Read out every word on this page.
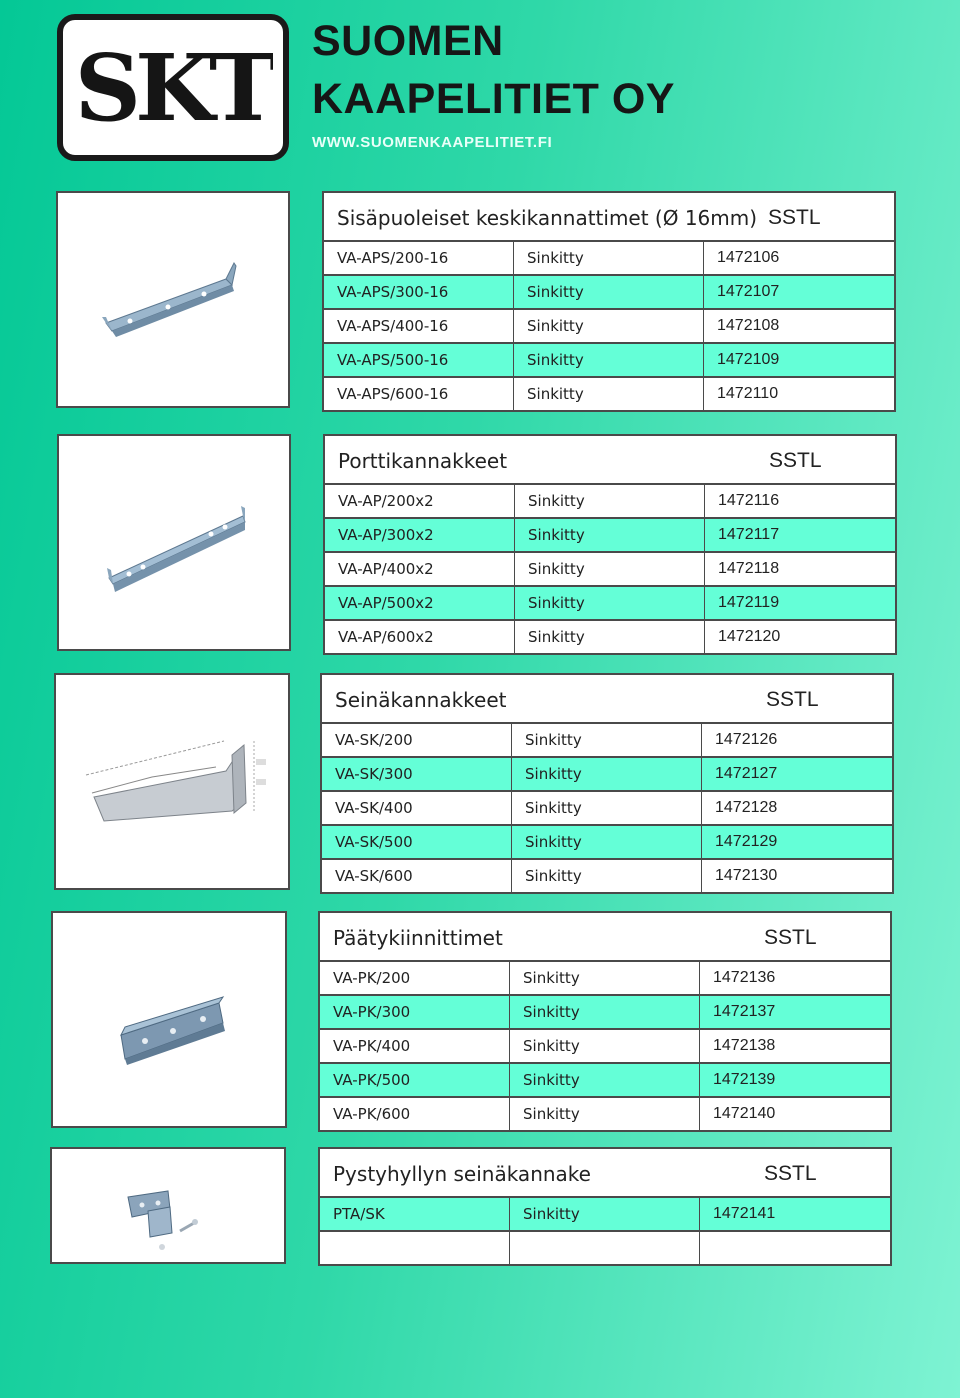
SKT SUOMEN
KAAPELITIET OY
WWW.SUOMENKAAPELITIET.FI
Sisäpuoleiset keskikannattimet (Ø 16mm) SSTL
VA-APS/200-16	Sinkitty	1472106
VA-APS/300-16	Sinkitty	1472107
VA-APS/400-16	Sinkitty	1472108
VA-APS/500-16	Sinkitty	1472109
VA-APS/600-16	Sinkitty	1472110
Porttikannakkeet	SSTL
VA-AP/200x2	Sinkitty	1472116
VA-AP/300x2	Sinkitty	1472117
VA-AP/400x2	Sinkitty	1472118
VA-AP/500x2	Sinkitty	1472119
VA-AP/600x2	Sinkitty	1472120
Seinäkannakkeet	SSTL
VA-SK/200	Sinkitty	1472126
VA-SK/300	Sinkitty	1472127
VA-SK/400	Sinkitty	1472128
VA-SK/500	Sinkitty	1472129
VA-SK/600	Sinkitty	1472130
Päätykiinnittimet	SSTL
VA-PK/200	Sinkitty	1472136
VA-PK/300	Sinkitty	1472137
VA-PK/400	Sinkitty	1472138
VA-PK/500	Sinkitty	1472139
VA-PK/600	Sinkitty	1472140
Pystyhyllyn seinäkannake	SSTL
PTA/SK	Sinkitty	1472141
